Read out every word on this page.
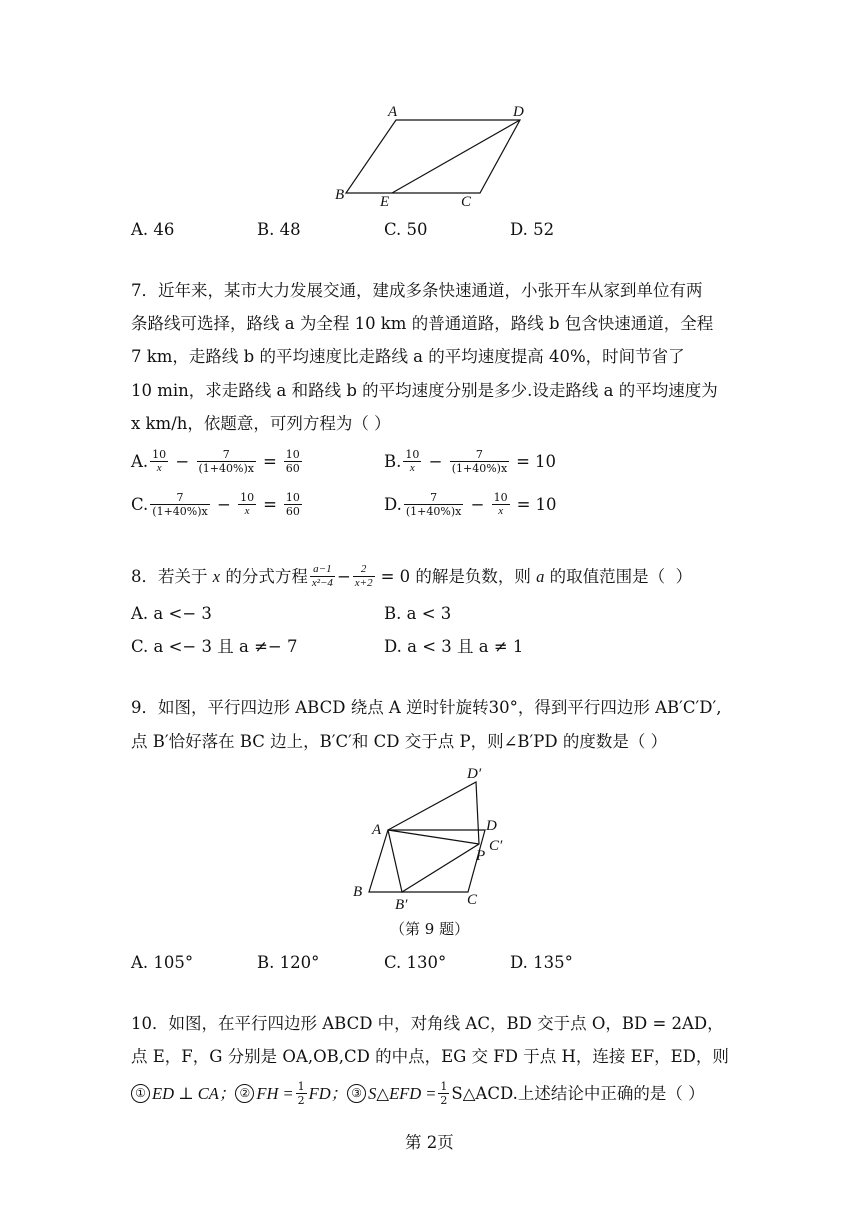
A	D
B E	C
A. 46	B. 48	C. 50	D. 52
7．近年来，某市大力发展交通，建成多条快速通道，小张开车从家到单位有两
条路线可选择，路线 a 为全程 10 km 的普通道路，路线 b 包含快速通道，全程
7 km，走路线 b 的平均速度比走路线 a 的平均速度提高 40%，时间节省了
10 min，求走路线 a 和路线 b 的平均速度分别是多少.设走路线 a 的平均速度为
x km/h，依题意，可列方程为（ ）
A. $\frac{10}{x} - \frac{7}{(1+40\%)x} = \frac{10}{60}$	B. $\frac{10}{x} - \frac{7}{(1+40\%)x} = 10$
C. $\frac{7}{(1+40\%)x} - \frac{10}{x} = \frac{10}{60}$	D. $\frac{7}{(1+40\%)x} - \frac{10}{x} = 10$
8．若关于 x 的分式方程 $\frac{a-1}{\text{x²−4}} - \frac{2}{x+2} = 0$ 的解是负数，则 a 的取值范围是（  ）
A. a <− 3	B. a < 3
C. a <− 3 且 a ≠− 7	D. a < 3 且 a ≠ 1
9．如图，平行四边形 ABCD 绕点 A 逆时针旋转30°，得到平行四边形 AB′C′D′,
点 B′恰好落在 BC 边上，B′C′和 CD 交于点 P，则∠B′PD 的度数是（ ）
D′
A	D
C′
P
B
B′	C
（第 9 题）
A. 105°	B. 120°	C. 130°	D. 135°
10．如图，在平行四边形 ABCD 中，对角线 AC，BD 交于点 O，BD = 2AD，
点 E，F，G 分别是 OA,OB,CD 的中点，EG 交 FD 于点 H，连接 EF，ED，则
① ED ⊥ CA； ② FH = $\frac{1}{2}$ FD； ③ S△EFD = $\frac{1}{2}$ S△ACD.上述结论中正确的是（ ）
第 2页
